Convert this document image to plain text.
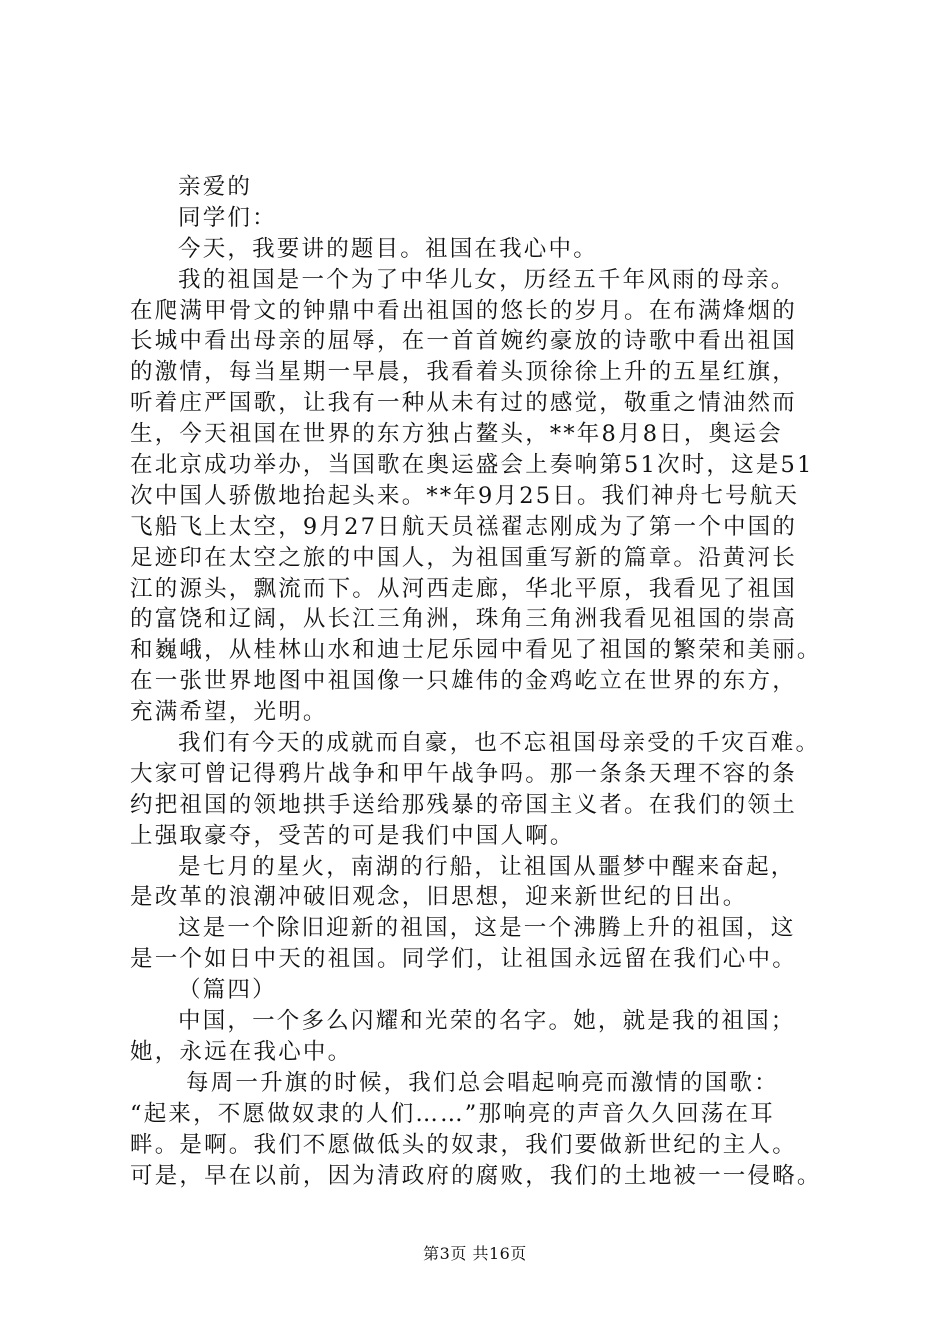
亲爱的
同学们：
今天，我要讲的题目。祖国在我心中。
我的祖国是一个为了中华儿女，历经五千年风雨的母亲。
在爬满甲骨文的钟鼎中看出祖国的悠长的岁月。在布满烽烟的
长城中看出母亲的屈辱，在一首首婉约豪放的诗歌中看出祖国
的激情，每当星期一早晨，我看着头顶徐徐上升的五星红旗，
听着庄严国歌，让我有一种从未有过的感觉，敬重之情油然而
生，今天祖国在世界的东方独占鳌头，**年8月8日，奥运会
在北京成功举办，当国歌在奥运盛会上奏响第51次时，这是51
次中国人骄傲地抬起头来。**年9月25日。我们神舟七号航天
飞船飞上太空，9月27日航天员禚翟志刚成为了第一个中国的
足迹印在太空之旅的中国人，为祖国重写新的篇章。沿黄河长
江的源头，飘流而下。从河西走廊，华北平原，我看见了祖国
的富饶和辽阔，从长江三角洲，珠角三角洲我看见祖国的崇高
和巍峨，从桂林山水和迪士尼乐园中看见了祖国的繁荣和美丽。
在一张世界地图中祖国像一只雄伟的金鸡屹立在世界的东方，
充满希望，光明。
我们有今天的成就而自豪，也不忘祖国母亲受的千灾百难。
大家可曾记得鸦片战争和甲午战争吗。那一条条天理不容的条
约把祖国的领地拱手送给那残暴的帝国主义者。在我们的领土
上强取豪夺，受苦的可是我们中国人啊。
是七月的星火，南湖的行船，让祖国从噩梦中醒来奋起，
是改革的浪潮冲破旧观念，旧思想，迎来新世纪的日出。
这是一个除旧迎新的祖国，这是一个沸腾上升的祖国，这
是一个如日中天的祖国。同学们，让祖国永远留在我们心中。
（篇四）
中国，一个多么闪耀和光荣的名字。她，就是我的祖国；
她，永远在我心中。
每周一升旗的时候，我们总会唱起响亮而激情的国歌：
“起来，不愿做奴隶的人们……”那响亮的声音久久回荡在耳
畔。是啊。我们不愿做低头的奴隶，我们要做新世纪的主人。
可是，早在以前，因为清政府的腐败，我们的土地被一一侵略。
第3页 共16页
